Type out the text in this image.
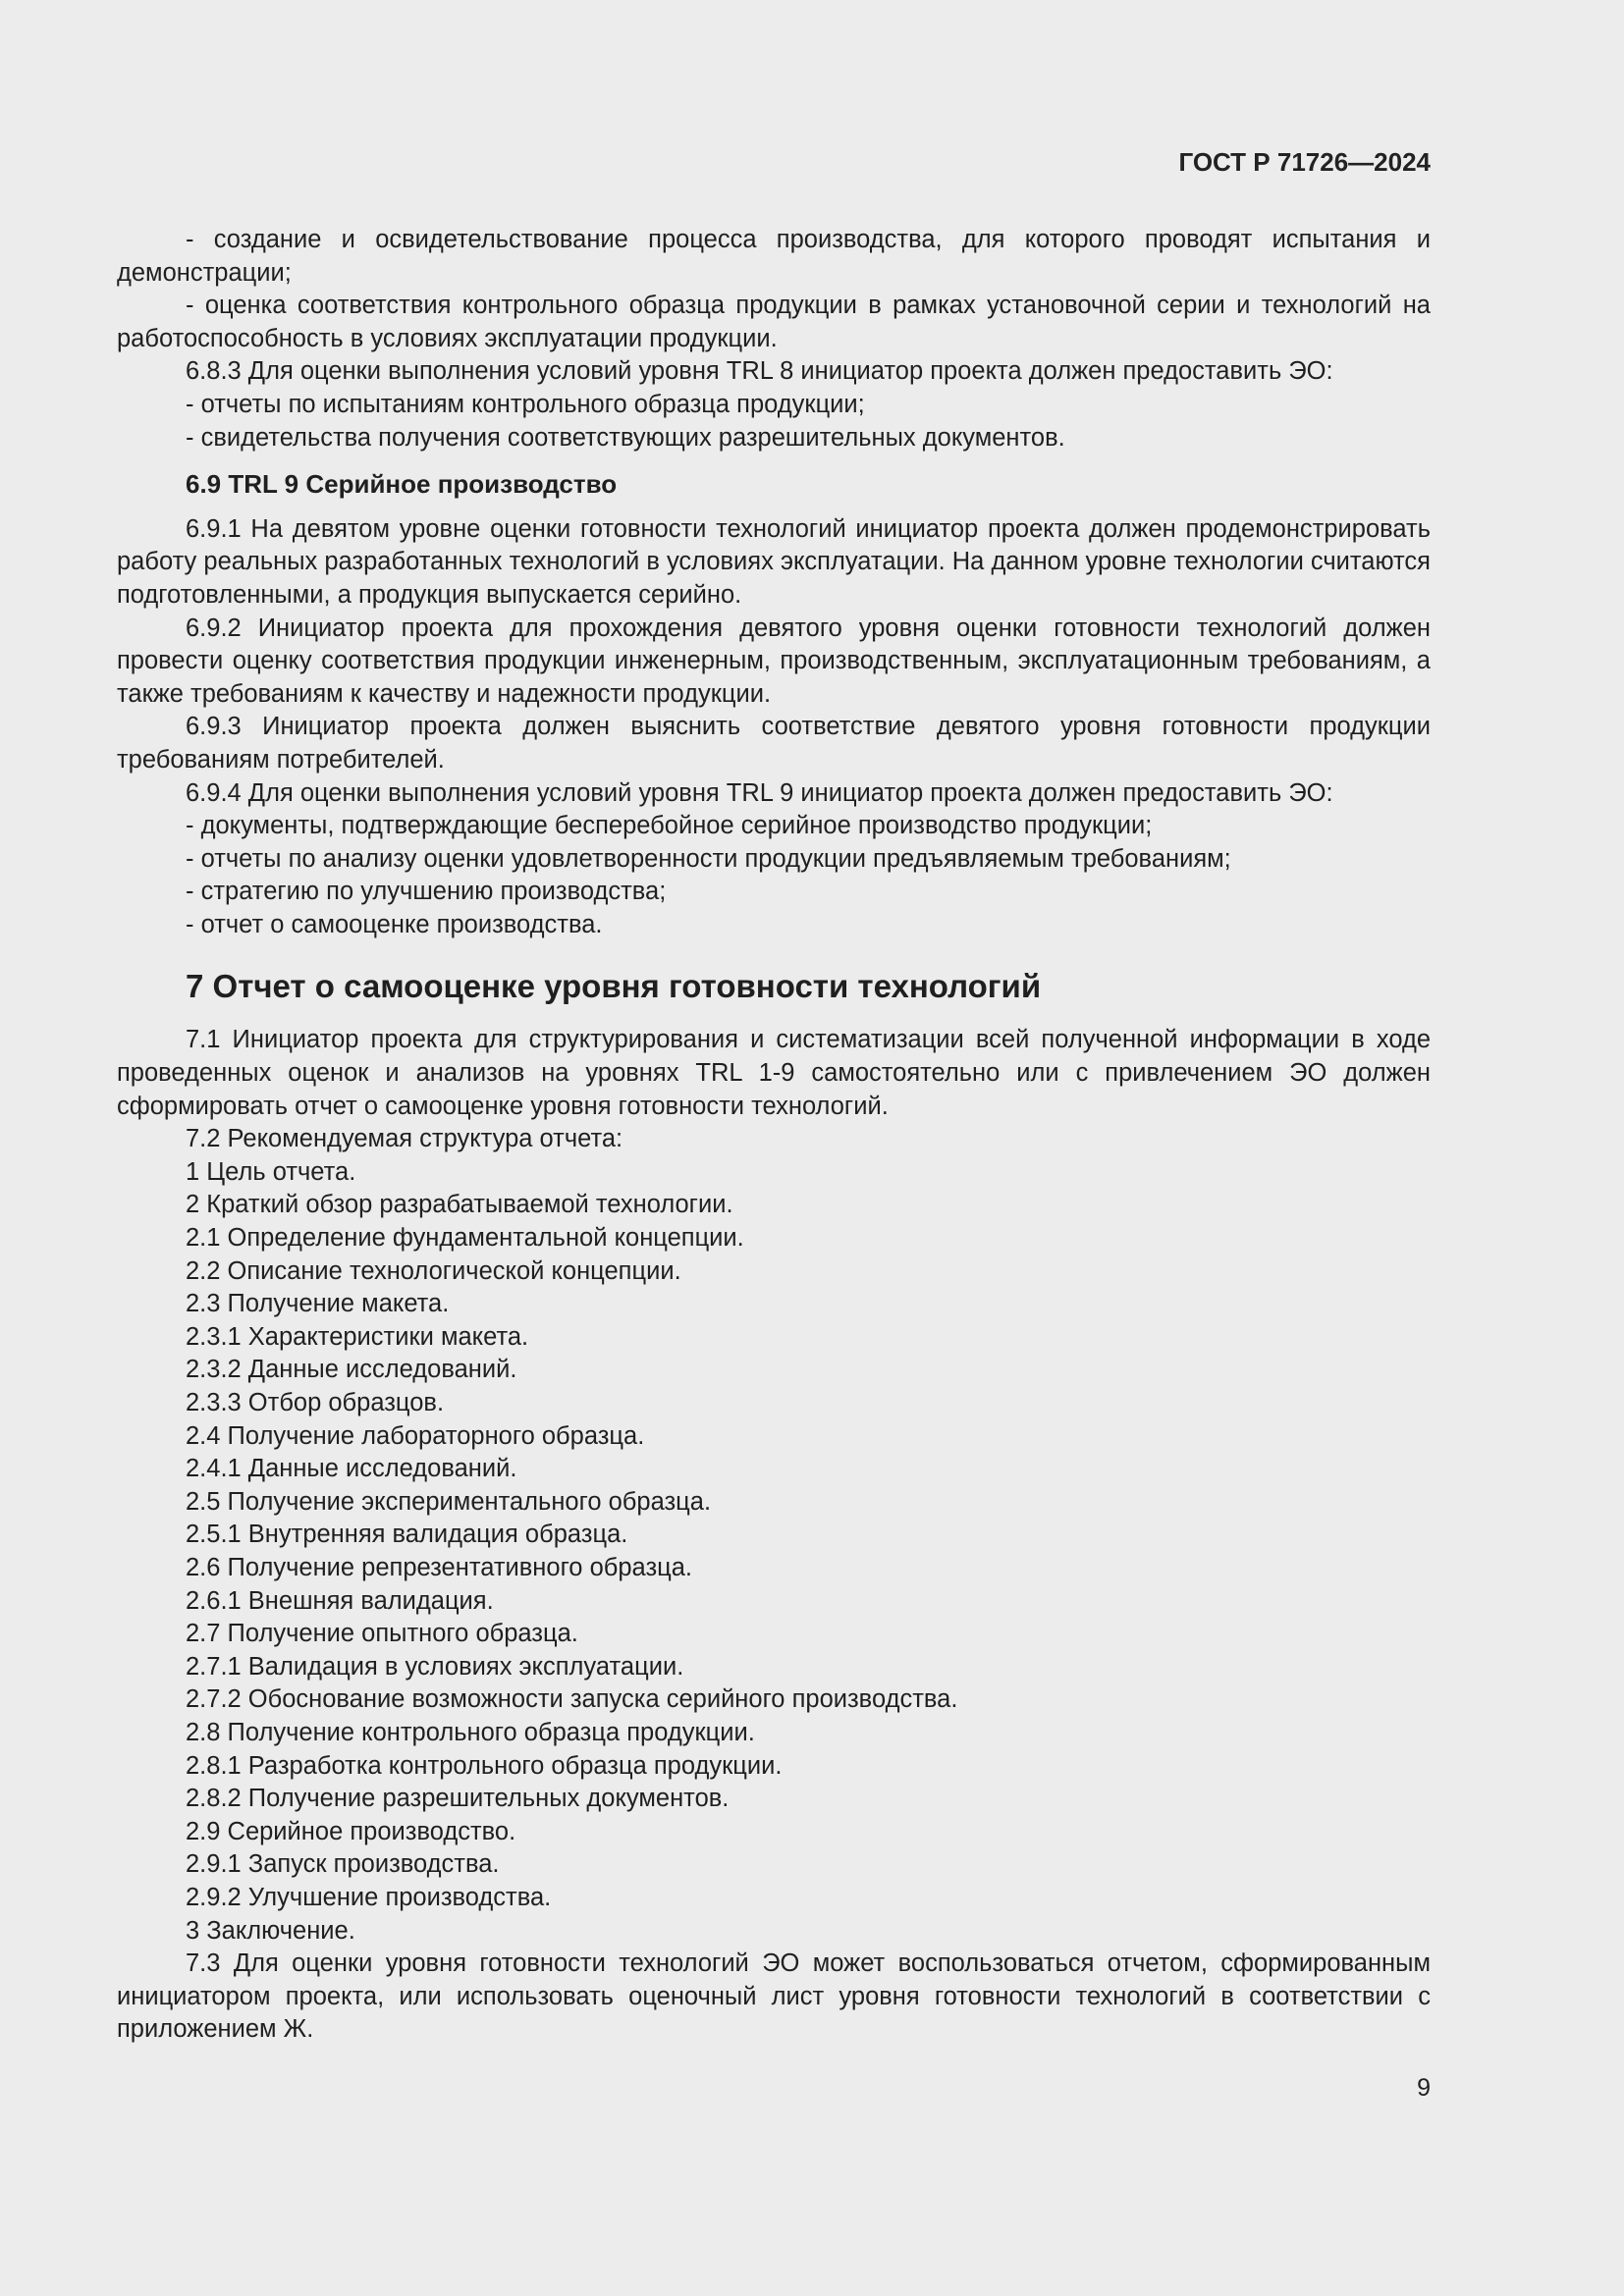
ГОСТ Р 71726—2024

- создание и освидетельствование процесса производства, для которого проводят испытания и демонстрации;

- оценка соответствия контрольного образца продукции в рамках установочной серии и технологий на работоспособность в условиях эксплуатации продукции.

6.8.3 Для оценки выполнения условий уровня TRL 8 инициатор проекта должен предоставить ЭО:

- отчеты по испытаниям контрольного образца продукции;

- свидетельства получения соответствующих разрешительных документов.

6.9 TRL 9 Серийное производство

6.9.1 На девятом уровне оценки готовности технологий инициатор проекта должен продемонстрировать работу реальных разработанных технологий в условиях эксплуатации. На данном уровне технологии считаются подготовленными, а продукция выпускается серийно.

6.9.2 Инициатор проекта для прохождения девятого уровня оценки готовности технологий должен провести оценку соответствия продукции инженерным, производственным, эксплуатационным требованиям, а также требованиям к качеству и надежности продукции.

6.9.3 Инициатор проекта должен выяснить соответствие девятого уровня готовности продукции требованиям потребителей.

6.9.4 Для оценки выполнения условий уровня TRL 9 инициатор проекта должен предоставить ЭО:

- документы, подтверждающие бесперебойное серийное производство продукции;

- отчеты по анализу оценки удовлетворенности продукции предъявляемым требованиям;

- стратегию по улучшению производства;

- отчет о самооценке производства.

7 Отчет о самооценке уровня готовности технологий

7.1 Инициатор проекта для структурирования и систематизации всей полученной информации в ходе проведенных оценок и анализов на уровнях TRL 1-9 самостоятельно или с привлечением ЭО должен сформировать отчет о самооценке уровня готовности технологий.

7.2 Рекомендуемая структура отчета:

1 Цель отчета.

2 Краткий обзор разрабатываемой технологии.

2.1 Определение фундаментальной концепции.

2.2 Описание технологической концепции.

2.3 Получение макета.

2.3.1 Характеристики макета.

2.3.2 Данные исследований.

2.3.3 Отбор образцов.

2.4 Получение лабораторного образца.

2.4.1 Данные исследований.

2.5 Получение экспериментального образца.

2.5.1 Внутренняя валидация образца.

2.6 Получение репрезентативного образца.

2.6.1 Внешняя валидация.

2.7 Получение опытного образца.

2.7.1 Валидация в условиях эксплуатации.

2.7.2 Обоснование возможности запуска серийного производства.

2.8 Получение контрольного образца продукции.

2.8.1 Разработка контрольного образца продукции.

2.8.2 Получение разрешительных документов.

2.9 Серийное производство.

2.9.1 Запуск производства.

2.9.2 Улучшение производства.

3 Заключение.

7.3 Для оценки уровня готовности технологий ЭО может воспользоваться отчетом, сформированным инициатором проекта, или использовать оценочный лист уровня готовности технологий в соответствии с приложением Ж.

9
